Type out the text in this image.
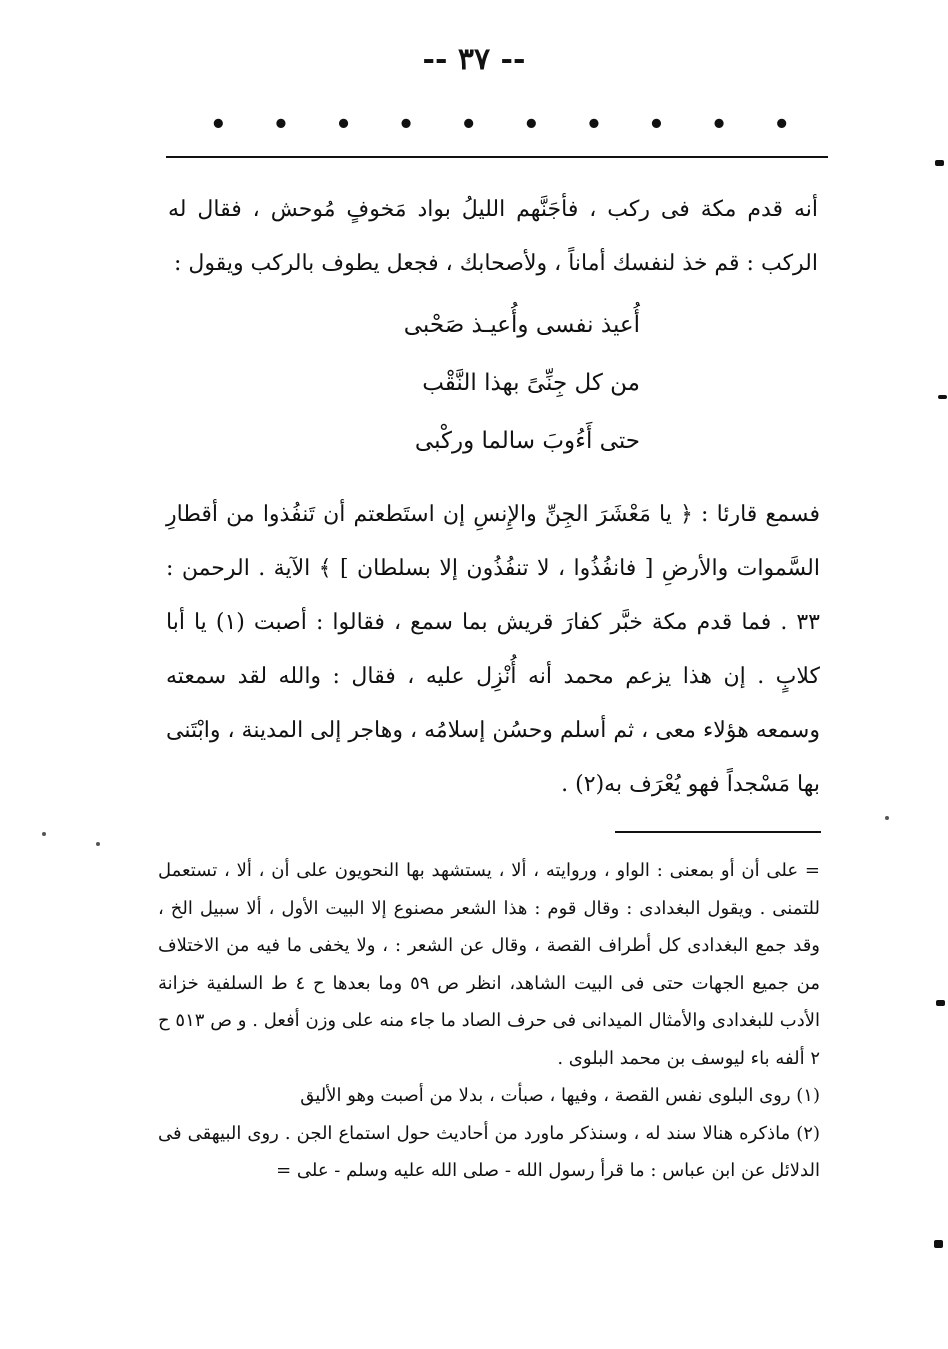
-- ٣٧ --
• • • • • • • • • •

أنه قدم مكة فى ركب ، فأجَنَّهم الليلُ بواد مَخوفٍ مُوحش ، فقال له الركب : قم خذ لنفسك أماناً ، ولأصحابك ، فجعل يطوف بالركب ويقول :

أُعيذ نفسى وأُعيـذ صَحْبى
من كل جِنِّىً بهذا النَّقْب
حتى أَءُوبَ سالما وركْبى

فسمع قارئا : ﴿ يا مَعْشَرَ الجِنِّ والإِنسِ إن استَطعتم أن تَنفُذوا من أقطارِ السَّموات والأرضِ [ فانفُذُوا ، لا تنفُذُون إلا بسلطان ] ﴾ الآية . الرحمن : ٣٣ . فما قدم مكة خبَّر كفارَ قريش بما سمع ، فقالوا : أصبت (١) يا أبا كلابٍ . إن هذا يزعم محمد أنه أُنْزِل عليه ، فقال : والله لقد سمعته وسمعه هؤلاء معى ، ثم أسلم وحسُن إسلامُه ، وهاجر إلى المدينة ، وابْتَنى بها مَسْجداً فهو يُعْرَف به(٢) .

= على أن أو بمعنى : الواو ، وروايته ، ألا ، يستشهد بها النحويون على أن ، ألا ، تستعمل للتمنى . ويقول البغدادى : وقال قوم : هذا الشعر مصنوع إلا البيت الأول ، ألا سبيل الخ ، وقد جمع البغدادى كل أطراف القصة ، وقال عن الشعر : ، ولا يخفى ما فيه من الاختلاف من جميع الجهات حتى فى البيت الشاهد، انظر ص ٥٩ وما بعدها ح ٤ ط السلفية خزانة الأدب للبغدادى والأمثال الميدانى فى حرف الصاد ما جاء منه على وزن أفعل . و ص ٥١٣ ح ٢ ألفه باء ليوسف بن محمد البلوى .

(١) روى البلوى نفس القصة ، وفيها ، صبأت ، بدلا من أصبت وهو الأليق

(٢) ماذكره هنالا سند له ، وسنذكر ماورد من أحاديث حول استماع الجن . روى البيهقى فى الدلائل عن ابن عباس : ما قرأ رسول الله - صلى الله عليه وسلم - على =
